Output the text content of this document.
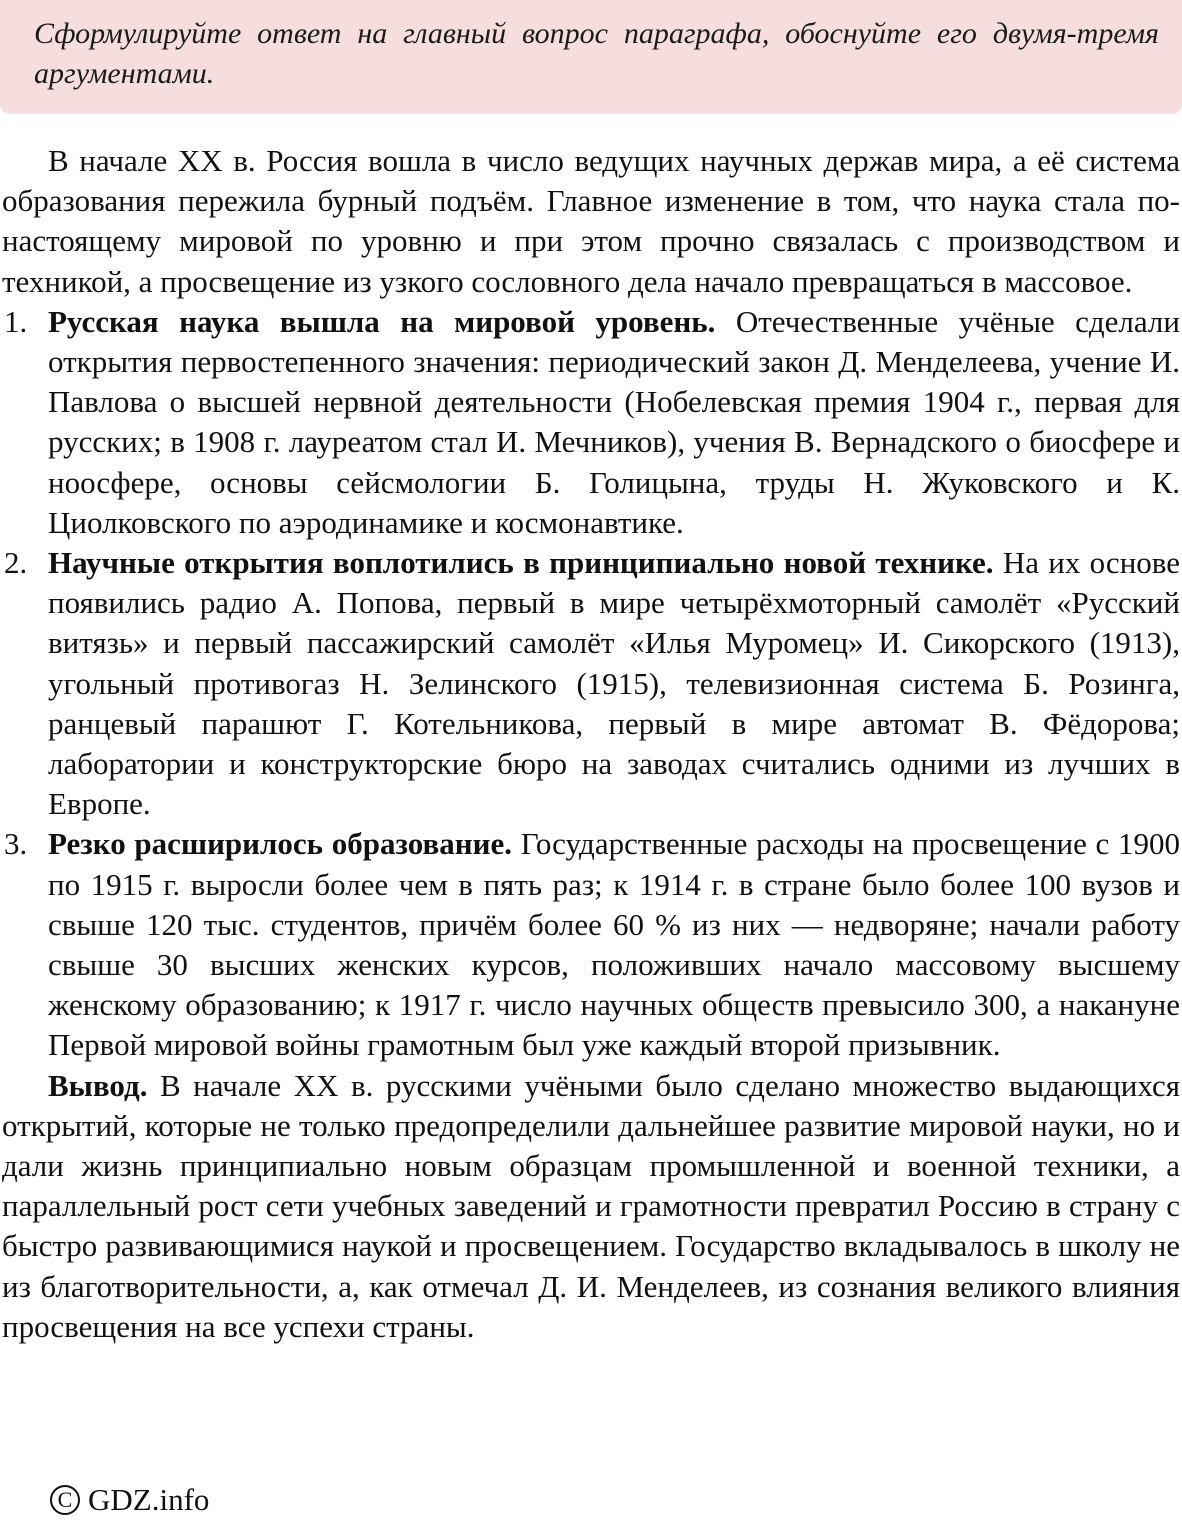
Сформулируйте ответ на главный вопрос параграфа, обоснуйте его двумя-тремя аргументами.

В начале XX в. Россия вошла в число ведущих научных держав мира, а её система образования пережила бурный подъём. Главное изменение в том, что наука стала по-настоящему мировой по уровню и при этом прочно связалась с производством и техникой, а просвещение из узкого сословного дела начало превращаться в массовое.

1. Русская наука вышла на мировой уровень. Отечественные учёные сделали открытия первостепенного значения: периодический закон Д. Менделеева, учение И. Павлова о высшей нервной деятельности (Нобелевская премия 1904 г., первая для русских; в 1908 г. лауреатом стал И. Мечников), учения В. Вернадского о биосфере и ноосфере, основы сейсмологии Б. Голицына, труды Н. Жуковского и К. Циолковского по аэродинамике и космонавтике.
2. Научные открытия воплотились в принципиально новой технике. На их основе появились радио А. Попова, первый в мире четырёхмоторный самолёт «Русский витязь» и первый пассажирский самолёт «Илья Муромец» И. Сикорского (1913), угольный противогаз Н. Зелинского (1915), телевизионная система Б. Розинга, ранцевый парашют Г. Котельникова, первый в мире автомат В. Фёдорова; лаборатории и конструкторские бюро на заводах считались одними из лучших в Европе.
3. Резко расширилось образование. Государственные расходы на просвещение с 1900 по 1915 г. выросли более чем в пять раз; к 1914 г. в стране было более 100 вузов и свыше 120 тыс. студентов, причём более 60 % из них — недворяне; начали работу свыше 30 высших женских курсов, положивших начало массовому высшему женскому образованию; к 1917 г. число научных обществ превысило 300, а накануне Первой мировой войны грамотным был уже каждый второй призывник.

Вывод. В начале XX в. русскими учёными было сделано множество выдающихся открытий, которые не только предопределили дальнейшее развитие мировой науки, но и дали жизнь принципиально новым образцам промышленной и военной техники, а параллельный рост сети учебных заведений и грамотности превратил Россию в страну с быстро развивающимися наукой и просвещением. Государство вкладывалось в школу не из благотворительности, а, как отмечал Д. И. Менделеев, из сознания великого влияния просвещения на все успехи страны.

C GDZ.info
